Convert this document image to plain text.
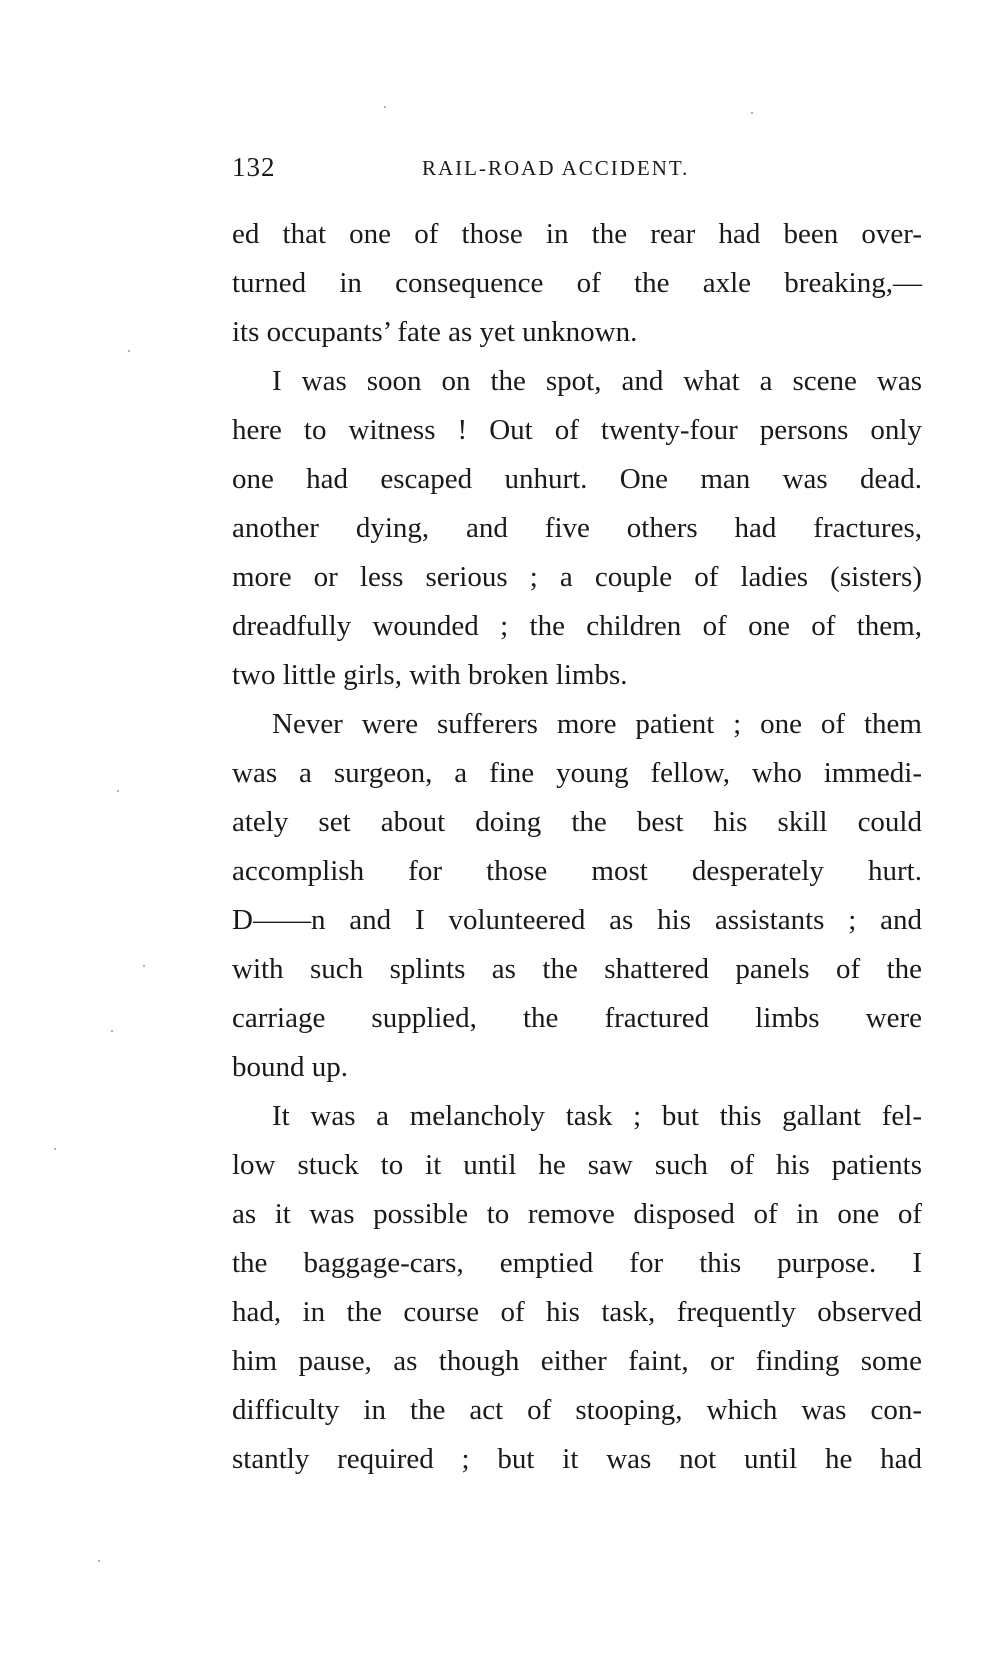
132	RAIL-ROAD ACCIDENT.
ed that one of those in the rear had been over-
turned in consequence of the axle breaking,—
its occupants’ fate as yet unknown.
I was soon on the spot, and what a scene was
here to witness ! Out of twenty-four persons only
one had escaped unhurt. One man was dead.
another dying, and five others had fractures,
more or less serious ; a couple of ladies (sisters)
dreadfully wounded ; the children of one of them,
two little girls, with broken limbs.
Never were sufferers more patient ; one of them
was a surgeon, a fine young fellow, who immedi-
ately set about doing the best his skill could
accomplish for those most desperately hurt.
D——n and I volunteered as his assistants ; and
with such splints as the shattered panels of the
carriage supplied, the fractured limbs were
bound up.
It was a melancholy task ; but this gallant fel-
low stuck to it until he saw such of his patients
as it was possible to remove disposed of in one of
the baggage-cars, emptied for this purpose. I
had, in the course of his task, frequently observed
him pause, as though either faint, or finding some
difficulty in the act of stooping, which was con-
stantly required ; but it was not until he had
